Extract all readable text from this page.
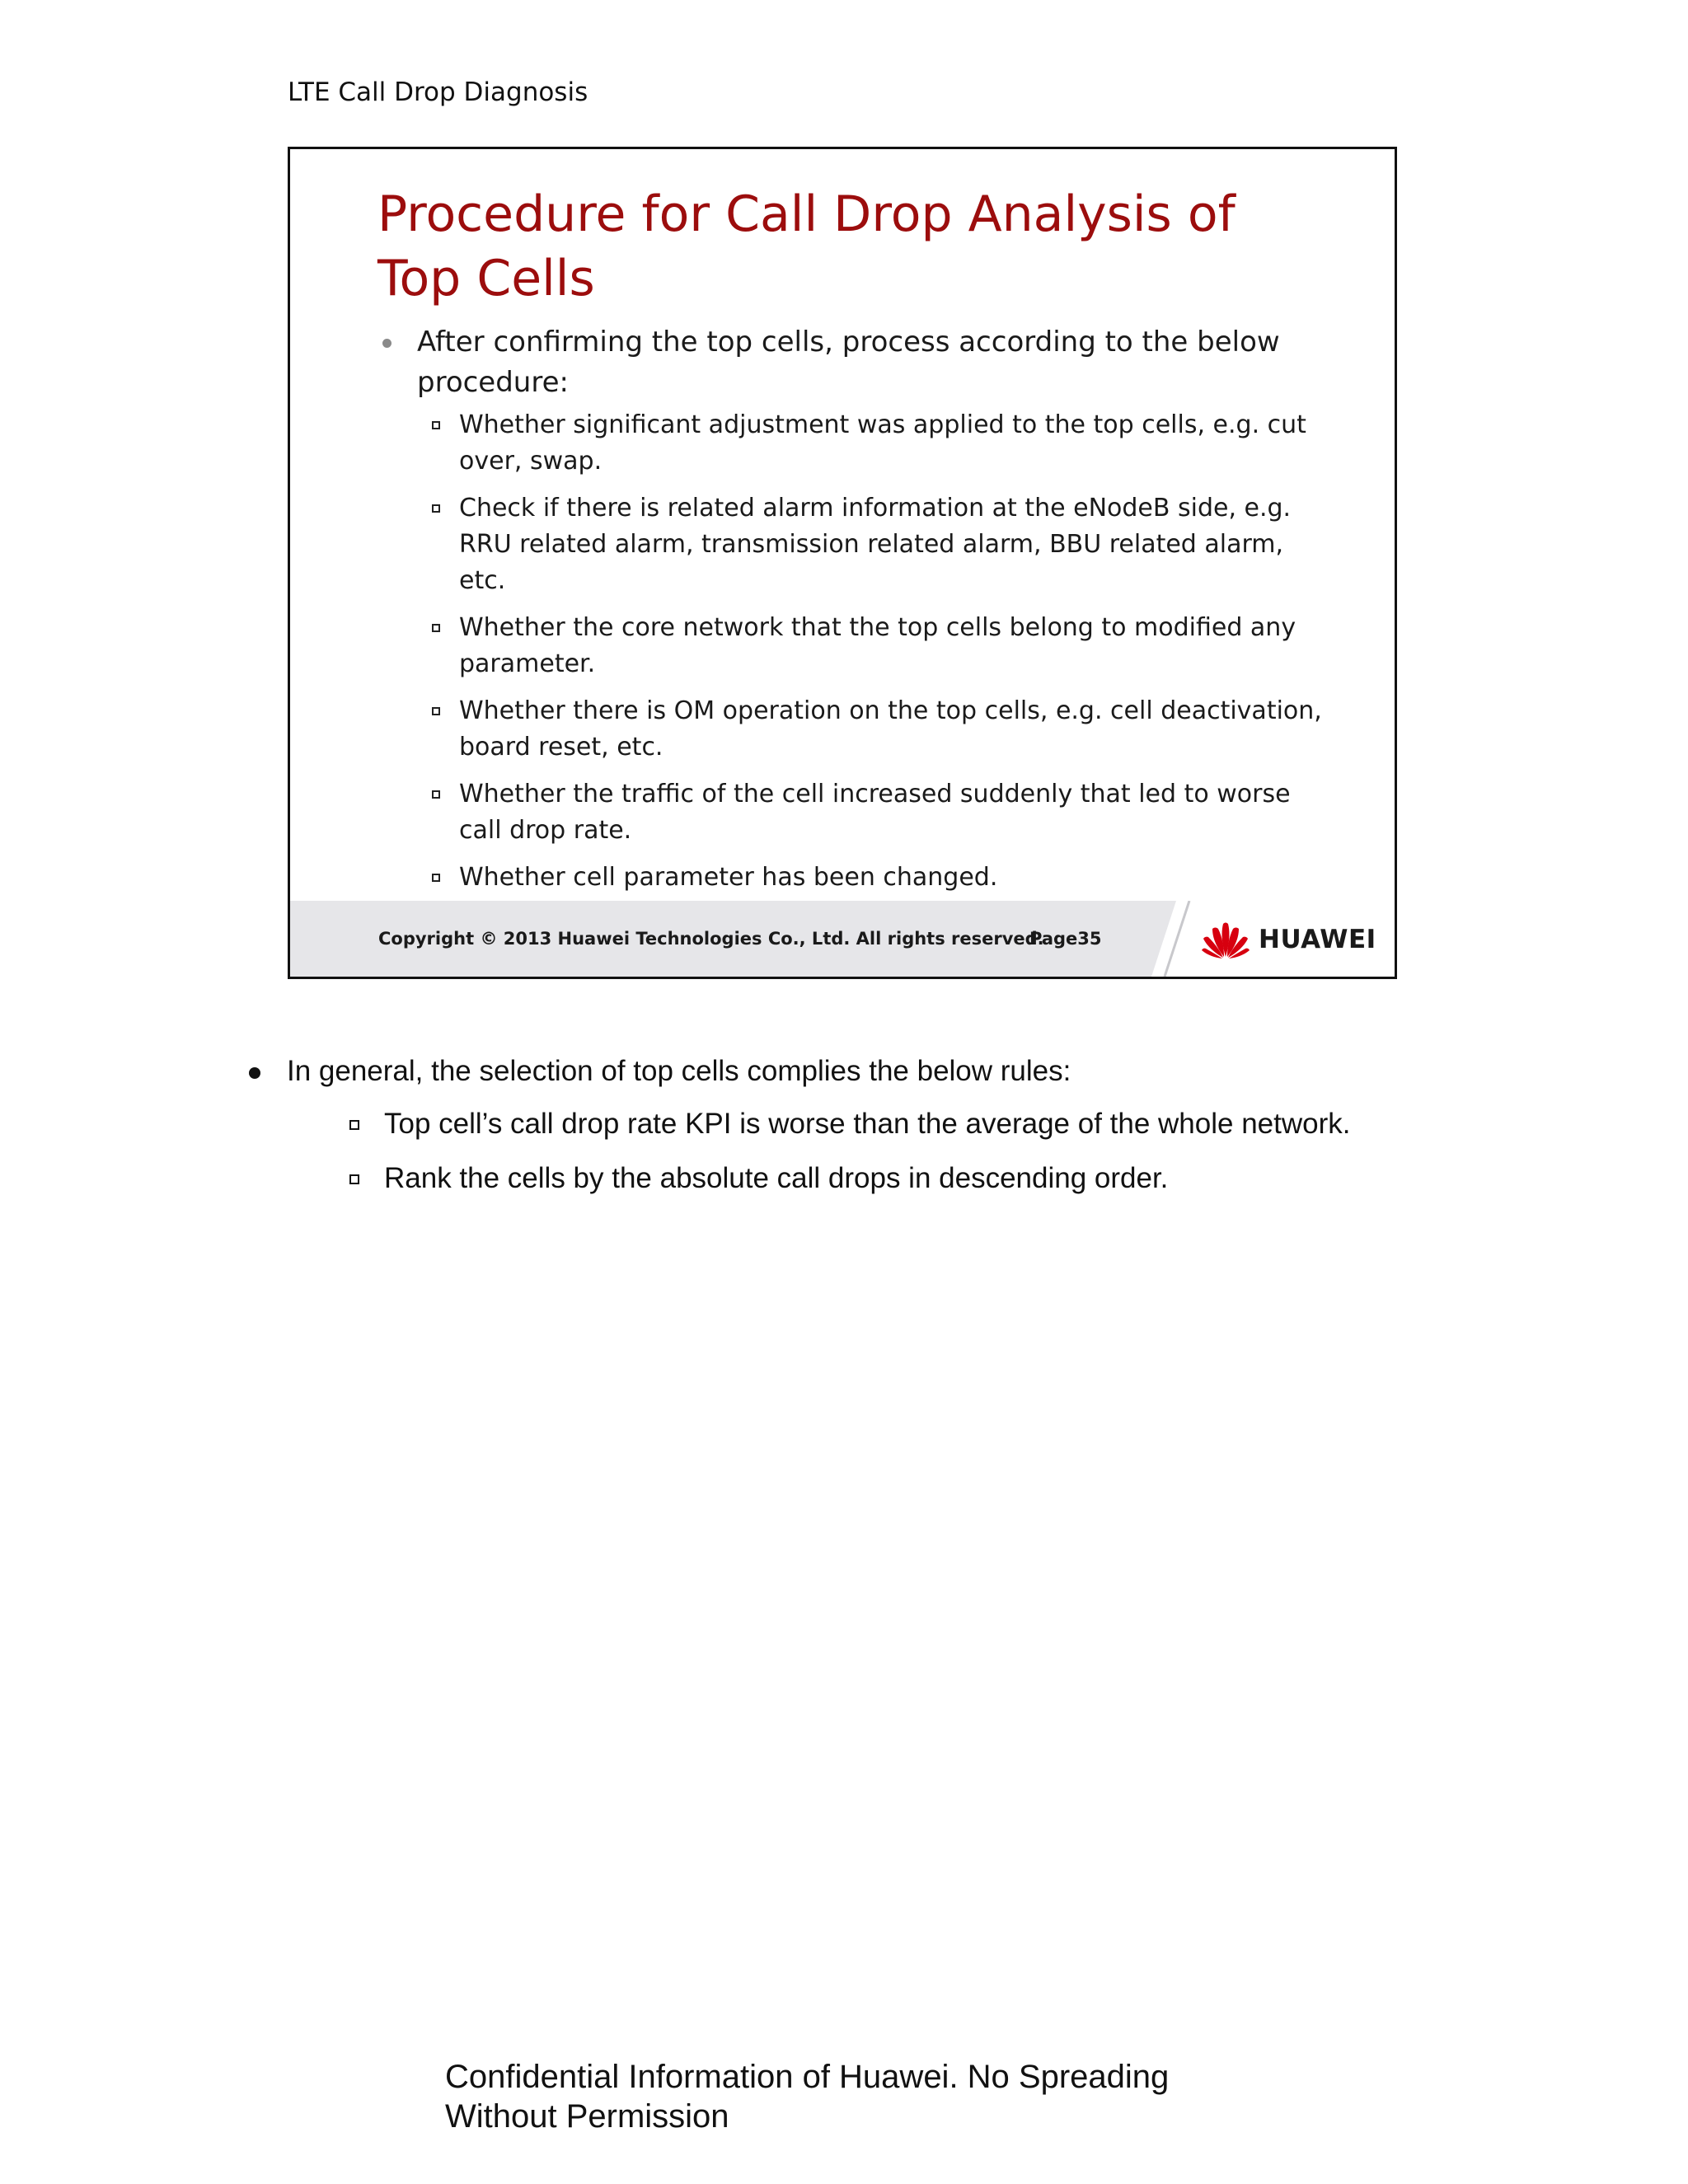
LTE Call Drop Diagnosis
Procedure for Call Drop Analysis of Top Cells
After confirming the top cells, process according to the below procedure:
Whether significant adjustment was applied to the top cells, e.g. cut over, swap.
Check if there is related alarm information at the eNodeB side, e.g. RRU related alarm, transmission related alarm, BBU related alarm, etc.
Whether the core network that the top cells belong to modified any parameter.
Whether there is OM operation on the top cells, e.g. cell deactivation, board reset, etc.
Whether the traffic of the cell increased suddenly that led to worse call drop rate.
Whether cell parameter has been changed.
Copyright © 2013 Huawei Technologies Co., Ltd. All rights reserved.
Page35	HUAWEI
In general, the selection of top cells complies the below rules:
Top cell’s call drop rate KPI is worse than the average of the whole network.
Rank the cells by the absolute call drops in descending order.
Confidential Information of Huawei. No Spreading Without Permission
